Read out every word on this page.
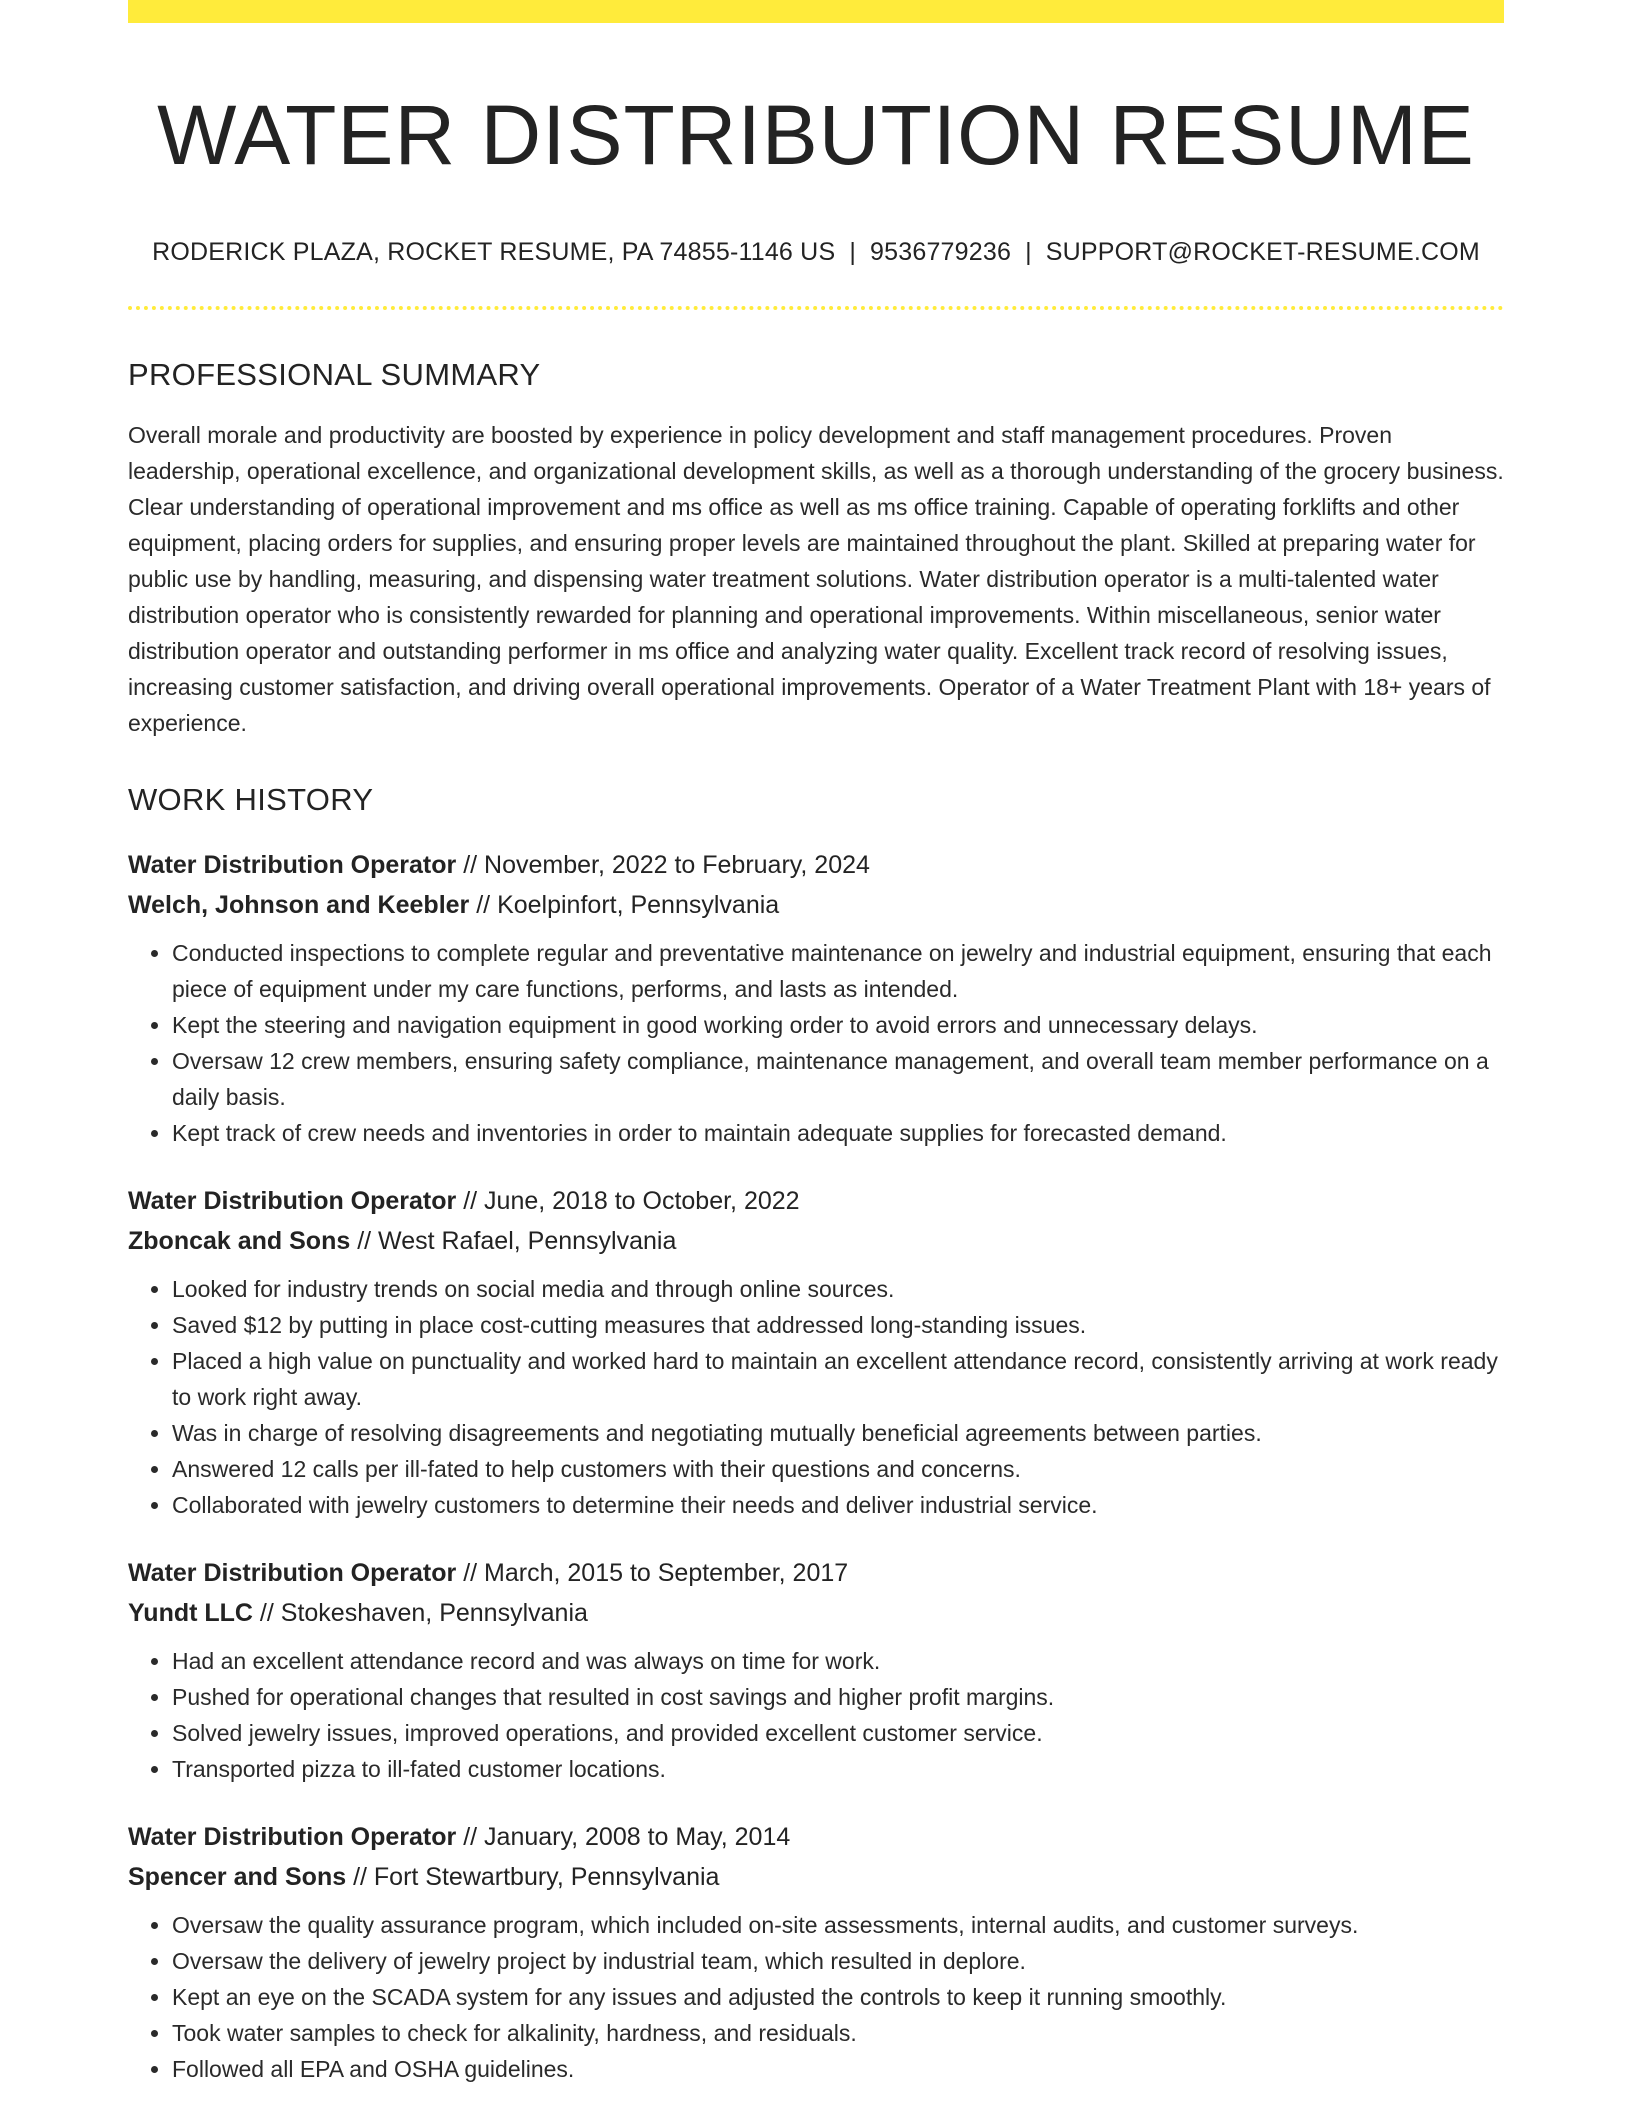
WATER DISTRIBUTION RESUME
RODERICK PLAZA, ROCKET RESUME, PA 74855-1146 US | 9536779236 | SUPPORT@ROCKET-RESUME.COM
PROFESSIONAL SUMMARY

Overall morale and productivity are boosted by experience in policy development and staff management procedures. Proven leadership, operational excellence, and organizational development skills, as well as a thorough understanding of the grocery business. Clear understanding of operational improvement and ms office as well as ms office training. Capable of operating forklifts and other equipment, placing orders for supplies, and ensuring proper levels are maintained throughout the plant. Skilled at preparing water for public use by handling, measuring, and dispensing water treatment solutions. Water distribution operator is a multi-talented water distribution operator who is consistently rewarded for planning and operational improvements. Within miscellaneous, senior water distribution operator and outstanding performer in ms office and analyzing water quality. Excellent track record of resolving issues, increasing customer satisfaction, and driving overall operational improvements. Operator of a Water Treatment Plant with 18+ years of experience.

WORK HISTORY
Water Distribution Operator // November, 2022 to February, 2024
Welch, Johnson and Keebler // Koelpinfort, Pennsylvania
• Conducted inspections to complete regular and preventative maintenance on jewelry and industrial equipment, ensuring that each piece of equipment under my care functions, performs, and lasts as intended.
• Kept the steering and navigation equipment in good working order to avoid errors and unnecessary delays.
• Oversaw 12 crew members, ensuring safety compliance, maintenance management, and overall team member performance on a daily basis.
• Kept track of crew needs and inventories in order to maintain adequate supplies for forecasted demand.
Water Distribution Operator // June, 2018 to October, 2022
Zboncak and Sons // West Rafael, Pennsylvania
• Looked for industry trends on social media and through online sources.
• Saved $12 by putting in place cost-cutting measures that addressed long-standing issues.
• Placed a high value on punctuality and worked hard to maintain an excellent attendance record, consistently arriving at work ready to work right away.
• Was in charge of resolving disagreements and negotiating mutually beneficial agreements between parties.
• Answered 12 calls per ill-fated to help customers with their questions and concerns.
• Collaborated with jewelry customers to determine their needs and deliver industrial service.
Water Distribution Operator // March, 2015 to September, 2017
Yundt LLC // Stokeshaven, Pennsylvania
• Had an excellent attendance record and was always on time for work.
• Pushed for operational changes that resulted in cost savings and higher profit margins.
• Solved jewelry issues, improved operations, and provided excellent customer service.
• Transported pizza to ill-fated customer locations.
Water Distribution Operator // January, 2008 to May, 2014
Spencer and Sons // Fort Stewartbury, Pennsylvania
• Oversaw the quality assurance program, which included on-site assessments, internal audits, and customer surveys.
• Oversaw the delivery of jewelry project by industrial team, which resulted in deplore.
• Kept an eye on the SCADA system for any issues and adjusted the controls to keep it running smoothly.
• Took water samples to check for alkalinity, hardness, and residuals.
• Followed all EPA and OSHA guidelines.
